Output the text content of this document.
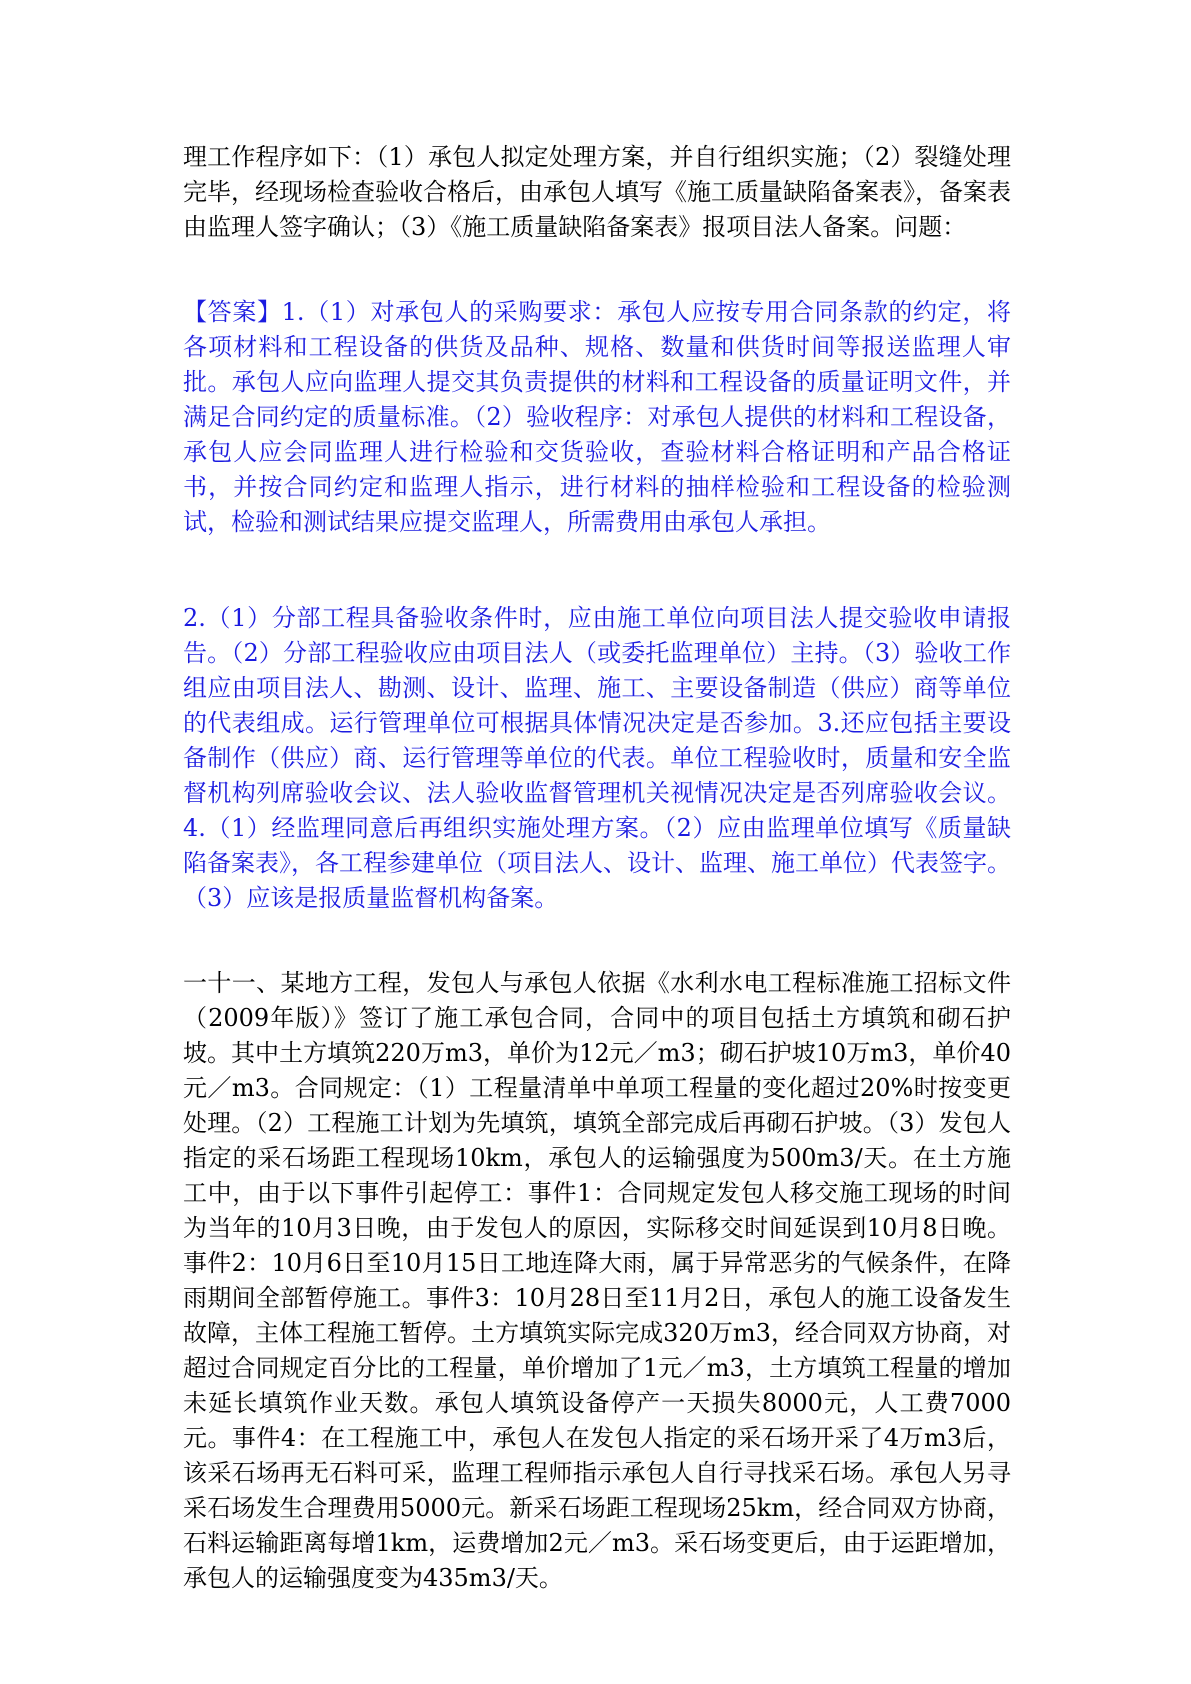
理工作程序如下：（1）承包人拟定处理方案，并自行组织实施；（2）裂缝处理完毕，经现场检查验收合格后，由承包人填写《施工质量缺陷备案表》，备案表由监理人签字确认；（3）《施工质量缺陷备案表》报项目法人备案。问题：

【答案】1.（1）对承包人的采购要求：承包人应按专用合同条款的约定，将各项材料和工程设备的供货及品种、规格、数量和供货时间等报送监理人审批。承包人应向监理人提交其负责提供的材料和工程设备的质量证明文件，并满足合同约定的质量标准。（2）验收程序：对承包人提供的材料和工程设备，承包人应会同监理人进行检验和交货验收，查验材料合格证明和产品合格证书，并按合同约定和监理人指示，进行材料的抽样检验和工程设备的检验测试，检验和测试结果应提交监理人，所需费用由承包人承担。

2.（1）分部工程具备验收条件时，应由施工单位向项目法人提交验收申请报告。（2）分部工程验收应由项目法人（或委托监理单位）主持。（3）验收工作组应由项目法人、勘测、设计、监理、施工、主要设备制造（供应）商等单位的代表组成。运行管理单位可根据具体情况决定是否参加。3.还应包括主要设备制作（供应）商、运行管理等单位的代表。单位工程验收时，质量和安全监督机构列席验收会议、法人验收监督管理机关视情况决定是否列席验收会议。4.（1）经监理同意后再组织实施处理方案。（2）应由监理单位填写《质量缺陷备案表》，各工程参建单位（项目法人、设计、监理、施工单位）代表签字。（3）应该是报质量监督机构备案。

一十一、某地方工程，发包人与承包人依据《水利水电工程标准施工招标文件（2009年版）》签订了施工承包合同，合同中的项目包括土方填筑和砌石护坡。其中土方填筑220万m3，单价为12元／m3；砌石护坡10万m3，单价40元／m3。合同规定：（1）工程量清单中单项工程量的变化超过20%时按变更处理。（2）工程施工计划为先填筑，填筑全部完成后再砌石护坡。（3）发包人指定的采石场距工程现场10km，承包人的运输强度为500m3/天。在土方施工中，由于以下事件引起停工：事件1：合同规定发包人移交施工现场的时间为当年的10月3日晚，由于发包人的原因，实际移交时间延误到10月8日晚。事件2：10月6日至10月15日工地连降大雨，属于异常恶劣的气候条件，在降雨期间全部暂停施工。事件3：10月28日至11月2日，承包人的施工设备发生故障，主体工程施工暂停。土方填筑实际完成320万m3，经合同双方协商，对超过合同规定百分比的工程量，单价增加了1元／m3，土方填筑工程量的增加未延长填筑作业天数。承包人填筑设备停产一天损失8000元，人工费7000元。事件4：在工程施工中，承包人在发包人指定的采石场开采了4万m3后，该采石场再无石料可采，监理工程师指示承包人自行寻找采石场。承包人另寻采石场发生合理费用5000元。新采石场距工程现场25km，经合同双方协商，石料运输距离每增1km，运费增加2元／m3。采石场变更后，由于运距增加，承包人的运输强度变为435m3/天。
